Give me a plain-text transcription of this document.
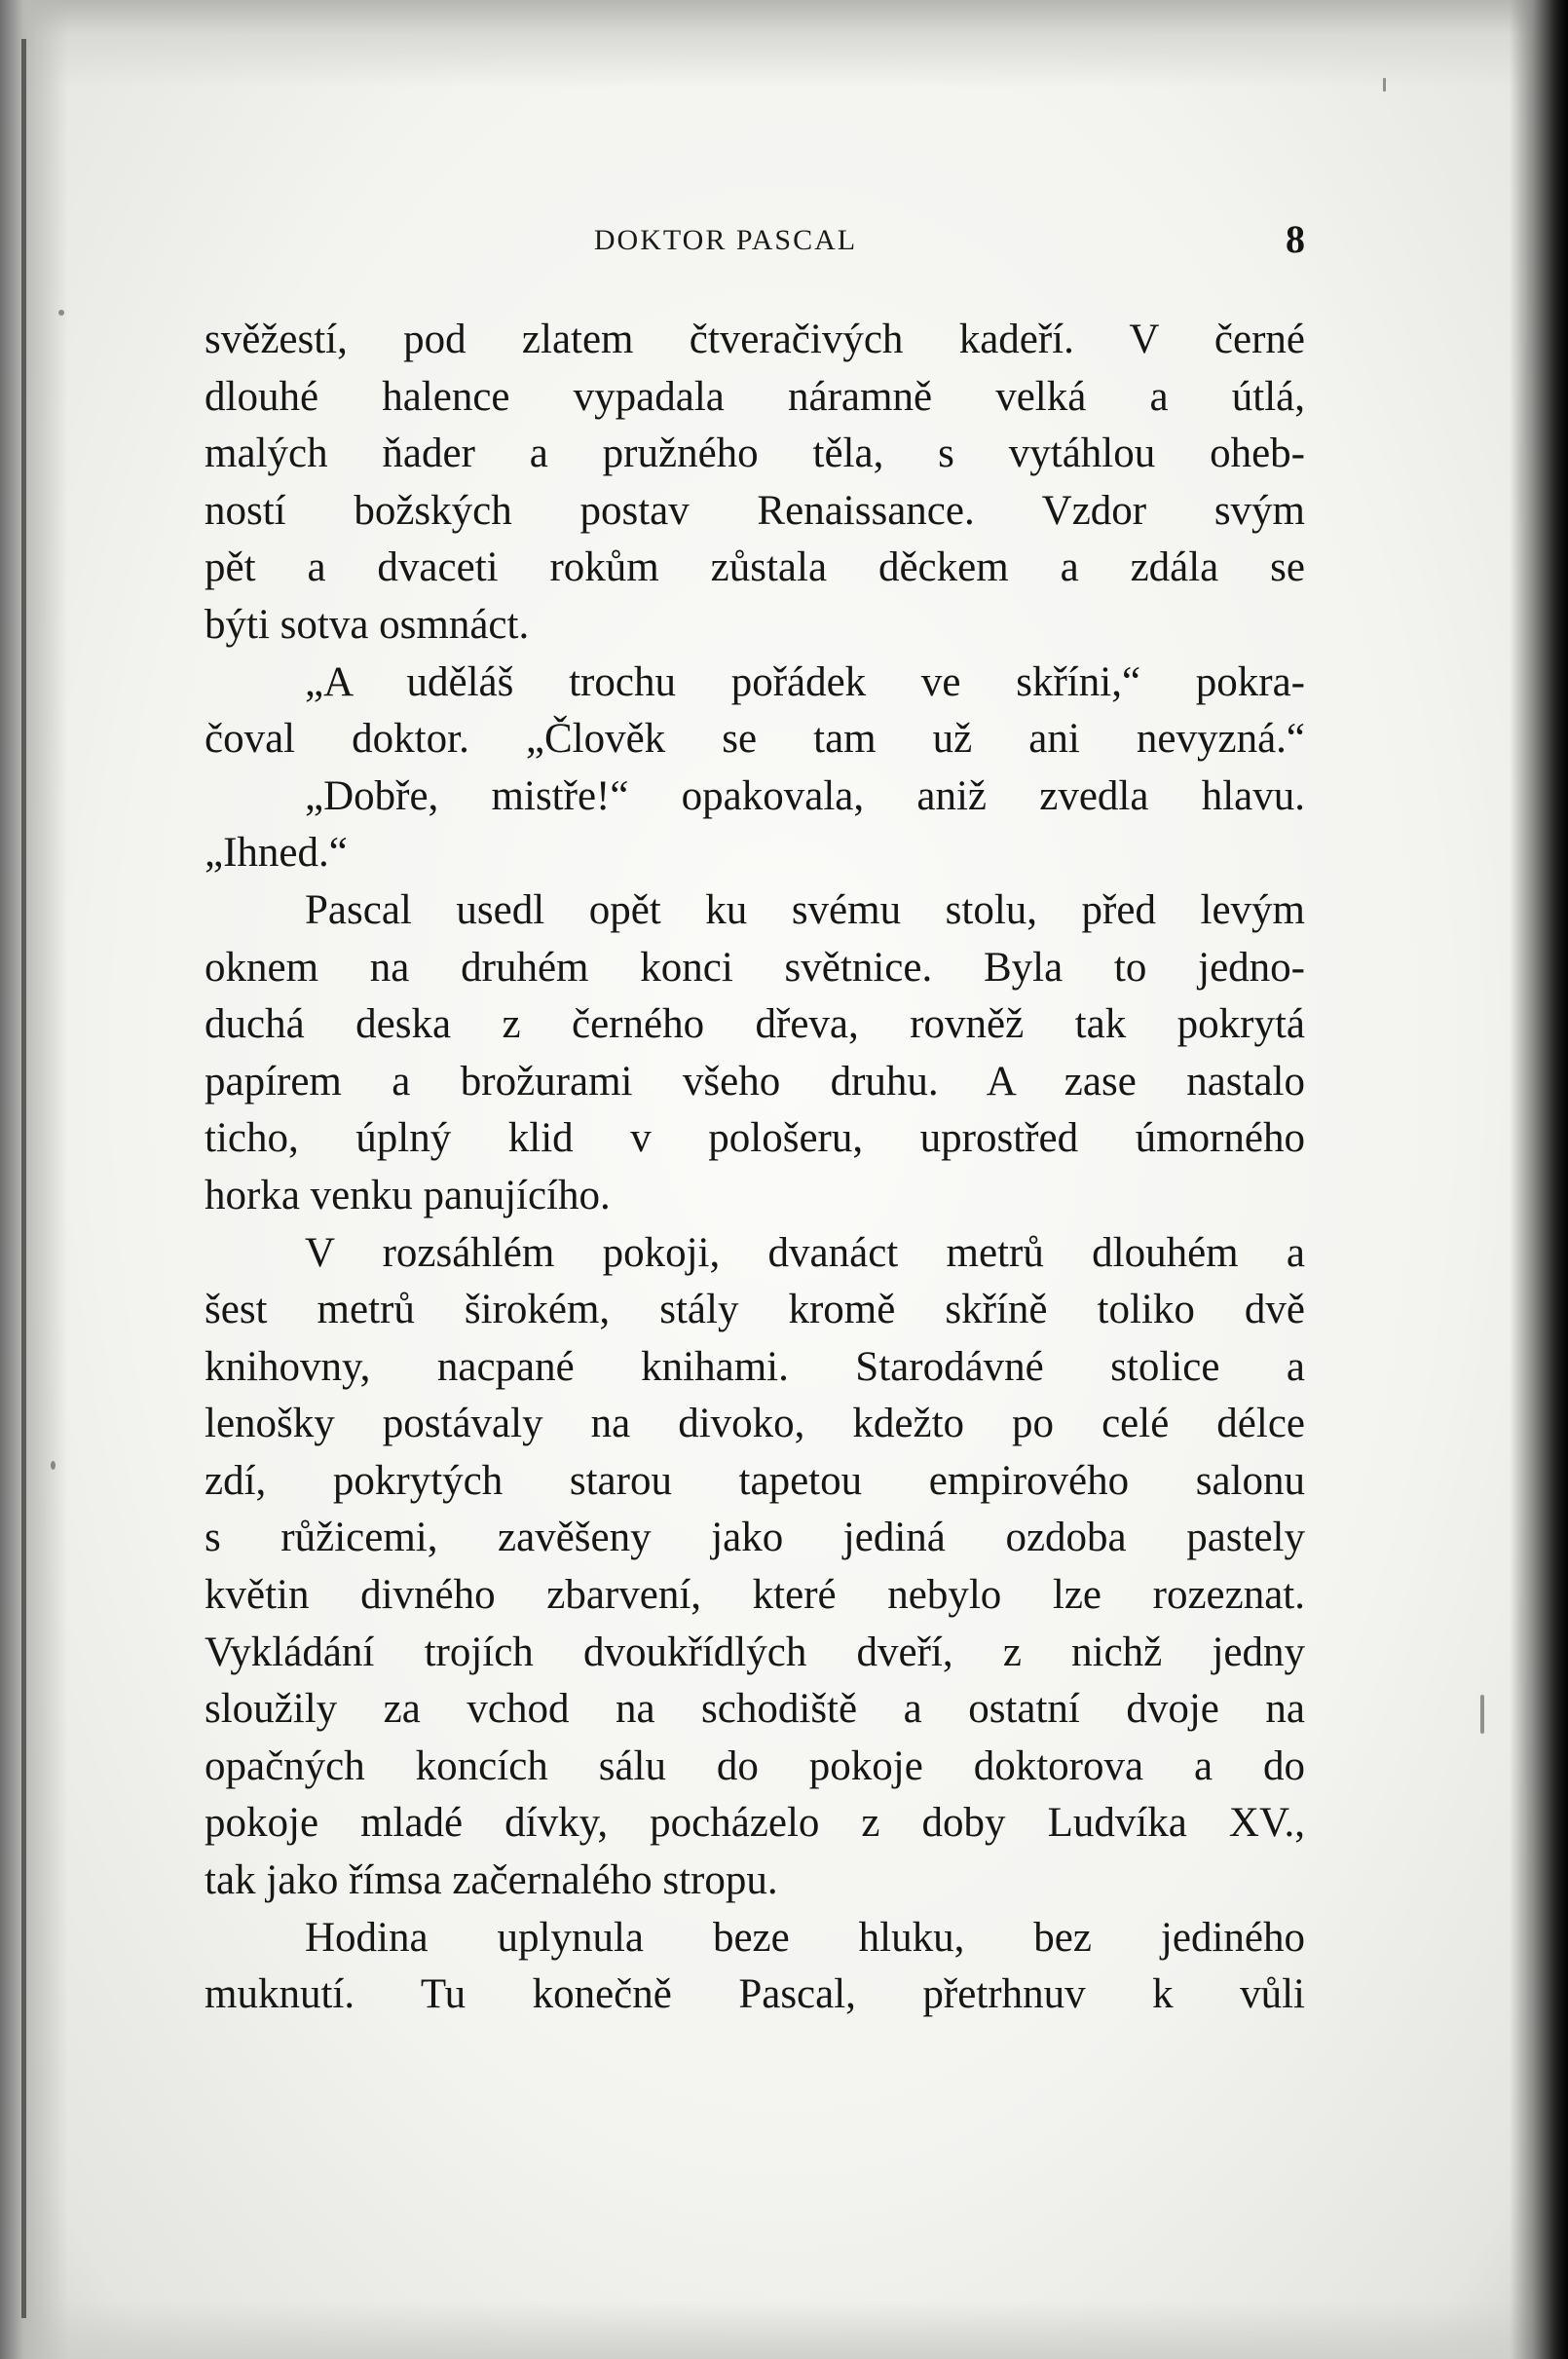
DOKTOR PASCAL	8
svěžestí, pod zlatem čtveračivých kadeří. V černé
dlouhé halence vypadala náramně velká a útlá,
malých ňader a pružného těla, s vytáhlou oheb-
ností božských postav Renaissance. Vzdor svým
pět a dvaceti rokům zůstala děckem a zdála se
býti sotva osmnáct.
„A uděláš trochu pořádek ve skříni,“ pokra-
čoval doktor. „Člověk se tam už ani nevyzná.“
„Dobře, mistře!“ opakovala, aniž zvedla hlavu.
„Ihned.“
Pascal usedl opět ku svému stolu, před levým
oknem na druhém konci světnice. Byla to jedno-
duchá deska z černého dřeva, rovněž tak pokrytá
papírem a brožurami všeho druhu. A zase nastalo
ticho, úplný klid v pološeru, uprostřed úmorného
horka venku panujícího.
V rozsáhlém pokoji, dvanáct metrů dlouhém a
šest metrů širokém, stály kromě skříně toliko dvě
knihovny, nacpané knihami. Starodávné stolice a
lenošky postávaly na divoko, kdežto po celé délce
zdí, pokrytých starou tapetou empirového salonu
s růžicemi, zavěšeny jako jediná ozdoba pastely
květin divného zbarvení, které nebylo lze rozeznat.
Vykládání trojích dvoukřídlých dveří, z nichž jedny
sloužily za vchod na schodiště a ostatní dvoje na
opačných koncích sálu do pokoje doktorova a do
pokoje mladé dívky, pocházelo z doby Ludvíka XV.,
tak jako římsa začernalého stropu.
Hodina uplynula beze hluku, bez jediného
muknutí. Tu konečně Pascal, přetrhnuv k vůli
